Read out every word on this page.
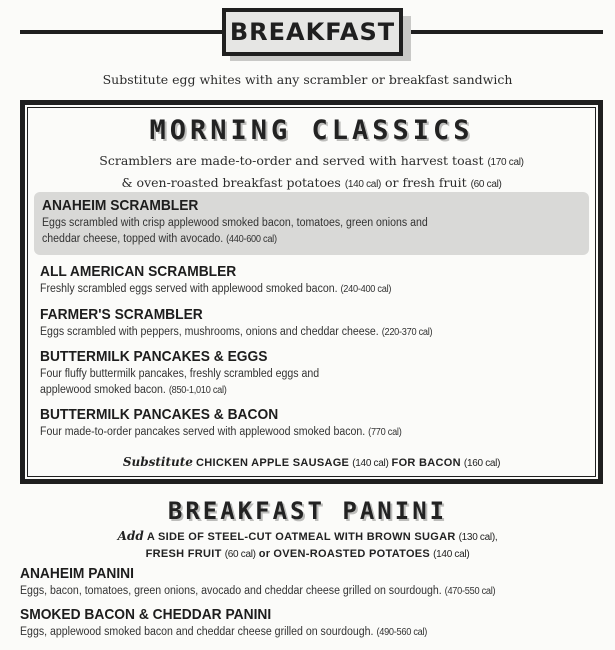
BREAKFAST
Substitute egg whites with any scrambler or breakfast sandwich
MORNING CLASSICS
Scramblers are made-to-order and served with harvest toast (170 cal)
& oven-roasted breakfast potatoes (140 cal) or fresh fruit (60 cal)
ANAHEIM SCRAMBLER
Eggs scrambled with crisp applewood smoked bacon, tomatoes, green onions and
cheddar cheese, topped with avocado. (440-600 cal)
ALL AMERICAN SCRAMBLER
Freshly scrambled eggs served with applewood smoked bacon. (240-400 cal)
FARMER'S SCRAMBLER
Eggs scrambled with peppers, mushrooms, onions and cheddar cheese. (220-370 cal)
BUTTERMILK PANCAKES & EGGS
Four fluffy buttermilk pancakes, freshly scrambled eggs and
applewood smoked bacon. (850-1,010 cal)
BUTTERMILK PANCAKES & BACON
Four made-to-order pancakes served with applewood smoked bacon. (770 cal)
Substitute CHICKEN APPLE SAUSAGE (140 cal) FOR BACON (160 cal)
BREAKFAST PANINI
Add A SIDE OF STEEL-CUT OATMEAL WITH BROWN SUGAR (130 cal),
FRESH FRUIT (60 cal) or OVEN-ROASTED POTATOES (140 cal)
ANAHEIM PANINI
Eggs, bacon, tomatoes, green onions, avocado and cheddar cheese grilled on sourdough. (470-550 cal)
SMOKED BACON & CHEDDAR PANINI
Eggs, applewood smoked bacon and cheddar cheese grilled on sourdough. (490-560 cal)
